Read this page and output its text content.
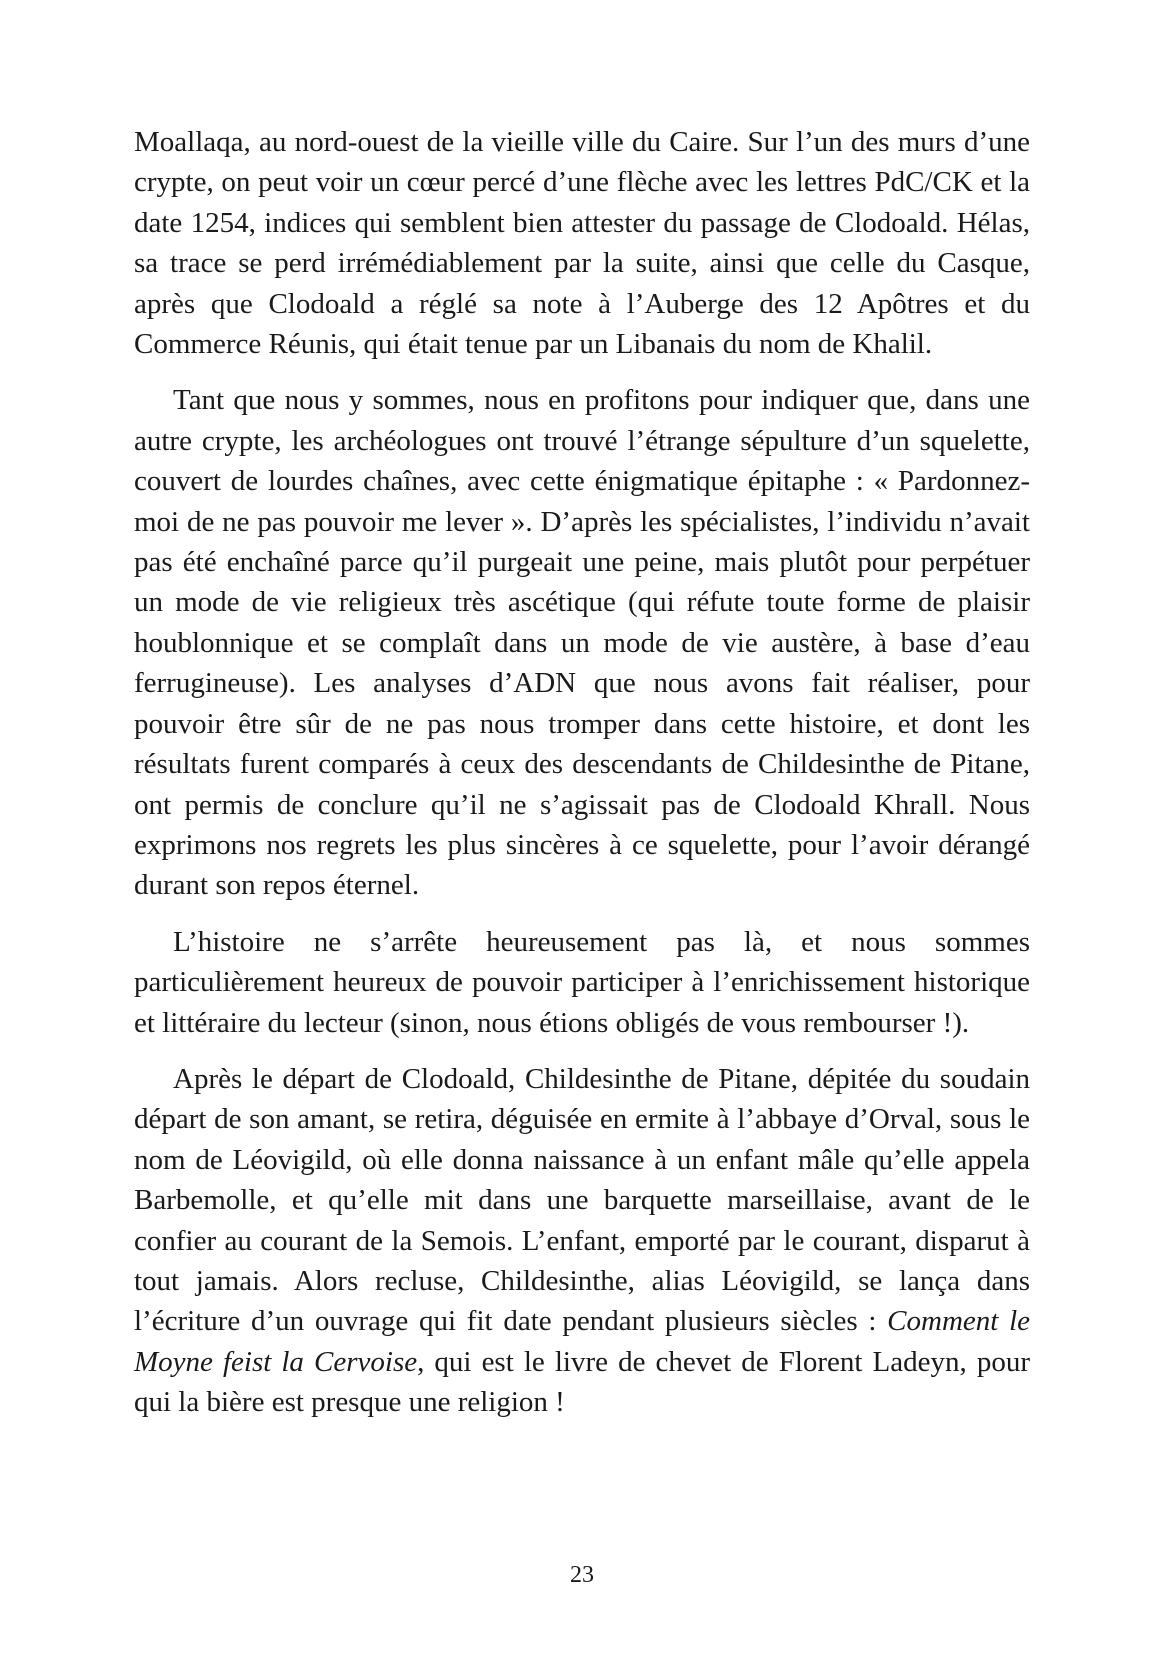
Moallaqa, au nord-ouest de la vieille ville du Caire. Sur l’un des murs d’une crypte, on peut voir un cœur percé d’une flèche avec les lettres PdC/CK et la date 1254, indices qui semblent bien attester du passage de Clodoald. Hélas, sa trace se perd irrémédiablement par la suite, ainsi que celle du Casque, après que Clodoald a réglé sa note à l’Auberge des 12 Apôtres et du Commerce Réunis, qui était tenue par un Libanais du nom de Khalil.

Tant que nous y sommes, nous en profitons pour indiquer que, dans une autre crypte, les archéologues ont trouvé l’étrange sépulture d’un squelette, couvert de lourdes chaînes, avec cette énigmatique épitaphe : « Pardonnez-moi de ne pas pouvoir me lever ». D’après les spécialistes, l’individu n’avait pas été enchaîné parce qu’il purgeait une peine, mais plutôt pour perpétuer un mode de vie religieux très ascétique (qui réfute toute forme de plaisir houblonnique et se complaît dans un mode de vie austère, à base d’eau ferrugineuse). Les analyses d’ADN que nous avons fait réaliser, pour pouvoir être sûr de ne pas nous tromper dans cette histoire, et dont les résultats furent comparés à ceux des descendants de Childesinthe de Pitane, ont permis de conclure qu’il ne s’agissait pas de Clodoald Khrall. Nous exprimons nos regrets les plus sincères à ce squelette, pour l’avoir dérangé durant son repos éternel.

L’histoire ne s’arrête heureusement pas là, et nous sommes particulièrement heureux de pouvoir participer à l’enrichissement historique et littéraire du lecteur (sinon, nous étions obligés de vous rembourser !).

Après le départ de Clodoald, Childesinthe de Pitane, dépitée du soudain départ de son amant, se retira, déguisée en ermite à l’abbaye d’Orval, sous le nom de Léovigild, où elle donna naissance à un enfant mâle qu’elle appela Barbemolle, et qu’elle mit dans une barquette marseillaise, avant de le confier au courant de la Semois. L’enfant, emporté par le courant, disparut à tout jamais. Alors recluse, Childesinthe, alias Léovigild, se lança dans l’écriture d’un ouvrage qui fit date pendant plusieurs siècles : Comment le Moyne feist la Cervoise, qui est le livre de chevet de Florent Ladeyn, pour qui la bière est presque une religion !

23
